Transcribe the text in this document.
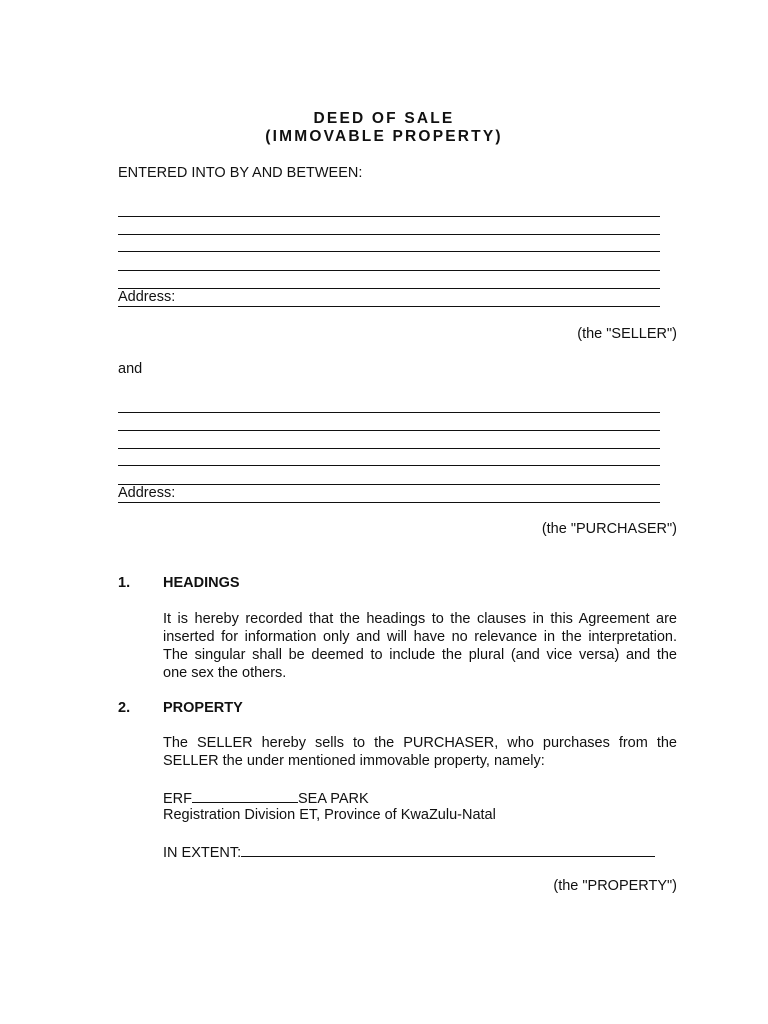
DEED OF SALE
(IMMOVABLE PROPERTY)
ENTERED INTO BY AND BETWEEN:
Address:
(the "SELLER")
and
Address:
(the "PURCHASER")
1. HEADINGS
It is hereby recorded that the headings to the clauses in this Agreement are
inserted for information only and will have no relevance in the interpretation.
The singular shall be deemed to include the plural (and vice versa) and the
one sex the others.
2. PROPERTY
The SELLER hereby sells to the PURCHASER, who purchases from the
SELLER the under mentioned immovable property, namely:
ERF	SEA PARK
Registration Division ET, Province of KwaZulu-Natal
IN EXTENT:
(the "PROPERTY")
